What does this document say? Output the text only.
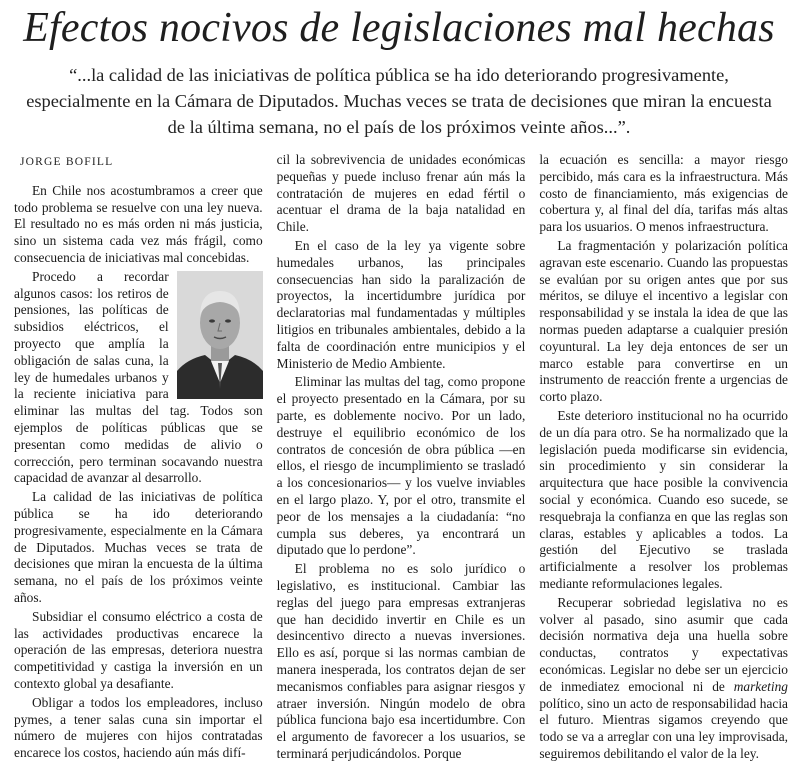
Efectos nocivos de legislaciones mal hechas
“...la calidad de las iniciativas de política pública se ha ido deteriorando progresivamente, especialmente en la Cámara de Diputados. Muchas veces se trata de decisiones que miran la encuesta de la última semana, no el país de los próximos veinte años...”.
JORGE BOFILL

En Chile nos acostumbramos a creer que todo problema se resuelve con una ley nueva. El resultado no es más orden ni más justicia, sino un sistema cada vez más frágil, como consecuencia de iniciativas mal concebidas.

Procedo a recordar algunos casos: los retiros de pensiones, las políticas de subsidios eléctricos, el proyecto que amplía la obligación de salas cuna, la ley de humedales urbanos y la reciente iniciativa para eliminar las multas del tag. Todos son ejemplos de políticas públicas que se presentan como medidas de alivio o corrección, pero terminan socavando nuestra capacidad de avanzar al desarrollo.

La calidad de las iniciativas de política pública se ha ido deteriorando progresivamente, especialmente en la Cámara de Diputados. Muchas veces se trata de decisiones que miran la encuesta de la última semana, no el país de los próximos veinte años.

Subsidiar el consumo eléctrico a costa de las actividades productivas encarece la operación de las empresas, deteriora nuestra competitividad y castiga la inversión en un contexto global ya desafiante.

Obligar a todos los empleadores, incluso pymes, a tener salas cuna sin importar el número de mujeres con hijos contratadas encarece los costos, haciendo aún más difí-

cil la sobrevivencia de unidades económicas pequeñas y puede incluso frenar aún más la contratación de mujeres en edad fértil o acentuar el drama de la baja natalidad en Chile.

En el caso de la ley ya vigente sobre humedales urbanos, las principales consecuencias han sido la paralización de proyectos, la incertidumbre jurídica por declaratorias mal fundamentadas y múltiples litigios en tribunales ambientales, debido a la falta de coordinación entre municipios y el Ministerio de Medio Ambiente.

Eliminar las multas del tag, como propone el proyecto presentado en la Cámara, por su parte, es doblemente nocivo. Por un lado, destruye el equilibrio económico de los contratos de concesión de obra pública —en ellos, el riesgo de incumplimiento se trasladó a los concesionarios— y los vuelve inviables en el largo plazo. Y, por el otro, transmite el peor de los mensajes a la ciudadanía: “no cumpla sus deberes, ya encontrará un diputado que lo perdone”.

El problema no es solo jurídico o legislativo, es institucional. Cambiar las reglas del juego para empresas extranjeras que han decidido invertir en Chile es un desincentivo directo a nuevas inversiones. Ello es así, porque si las normas cambian de manera inesperada, los contratos dejan de ser mecanismos confiables para asignar riesgos y atraer inversión. Ningún modelo de obra pública funciona bajo esa incertidumbre. Con el argumento de favorecer a los usuarios, se terminará perjudicándolos. Porque

la ecuación es sencilla: a mayor riesgo percibido, más cara es la infraestructura. Más costo de financiamiento, más exigencias de cobertura y, al final del día, tarifas más altas para los usuarios. O menos infraestructura.

La fragmentación y polarización política agravan este escenario. Cuando las propuestas se evalúan por su origen antes que por sus méritos, se diluye el incentivo a legislar con responsabilidad y se instala la idea de que las normas pueden adaptarse a cualquier presión coyuntural. La ley deja entonces de ser un marco estable para convertirse en un instrumento de reacción frente a urgencias de corto plazo.

Este deterioro institucional no ha ocurrido de un día para otro. Se ha normalizado que la legislación pueda modificarse sin evidencia, sin procedimiento y sin considerar la arquitectura que hace posible la convivencia social y económica. Cuando eso sucede, se resquebraja la confianza en que las reglas son claras, estables y aplicables a todos. La gestión del Ejecutivo se traslada artificialmente a resolver los problemas mediante reformulaciones legales.

Recuperar sobriedad legislativa no es volver al pasado, sino asumir que cada decisión normativa deja una huella sobre conductas, contratos y expectativas económicas. Legislar no debe ser un ejercicio de inmediatez emocional ni de marketing político, sino un acto de responsabilidad hacia el futuro. Mientras sigamos creyendo que todo se va a arreglar con una ley improvisada, seguiremos debilitando el valor de la ley.
